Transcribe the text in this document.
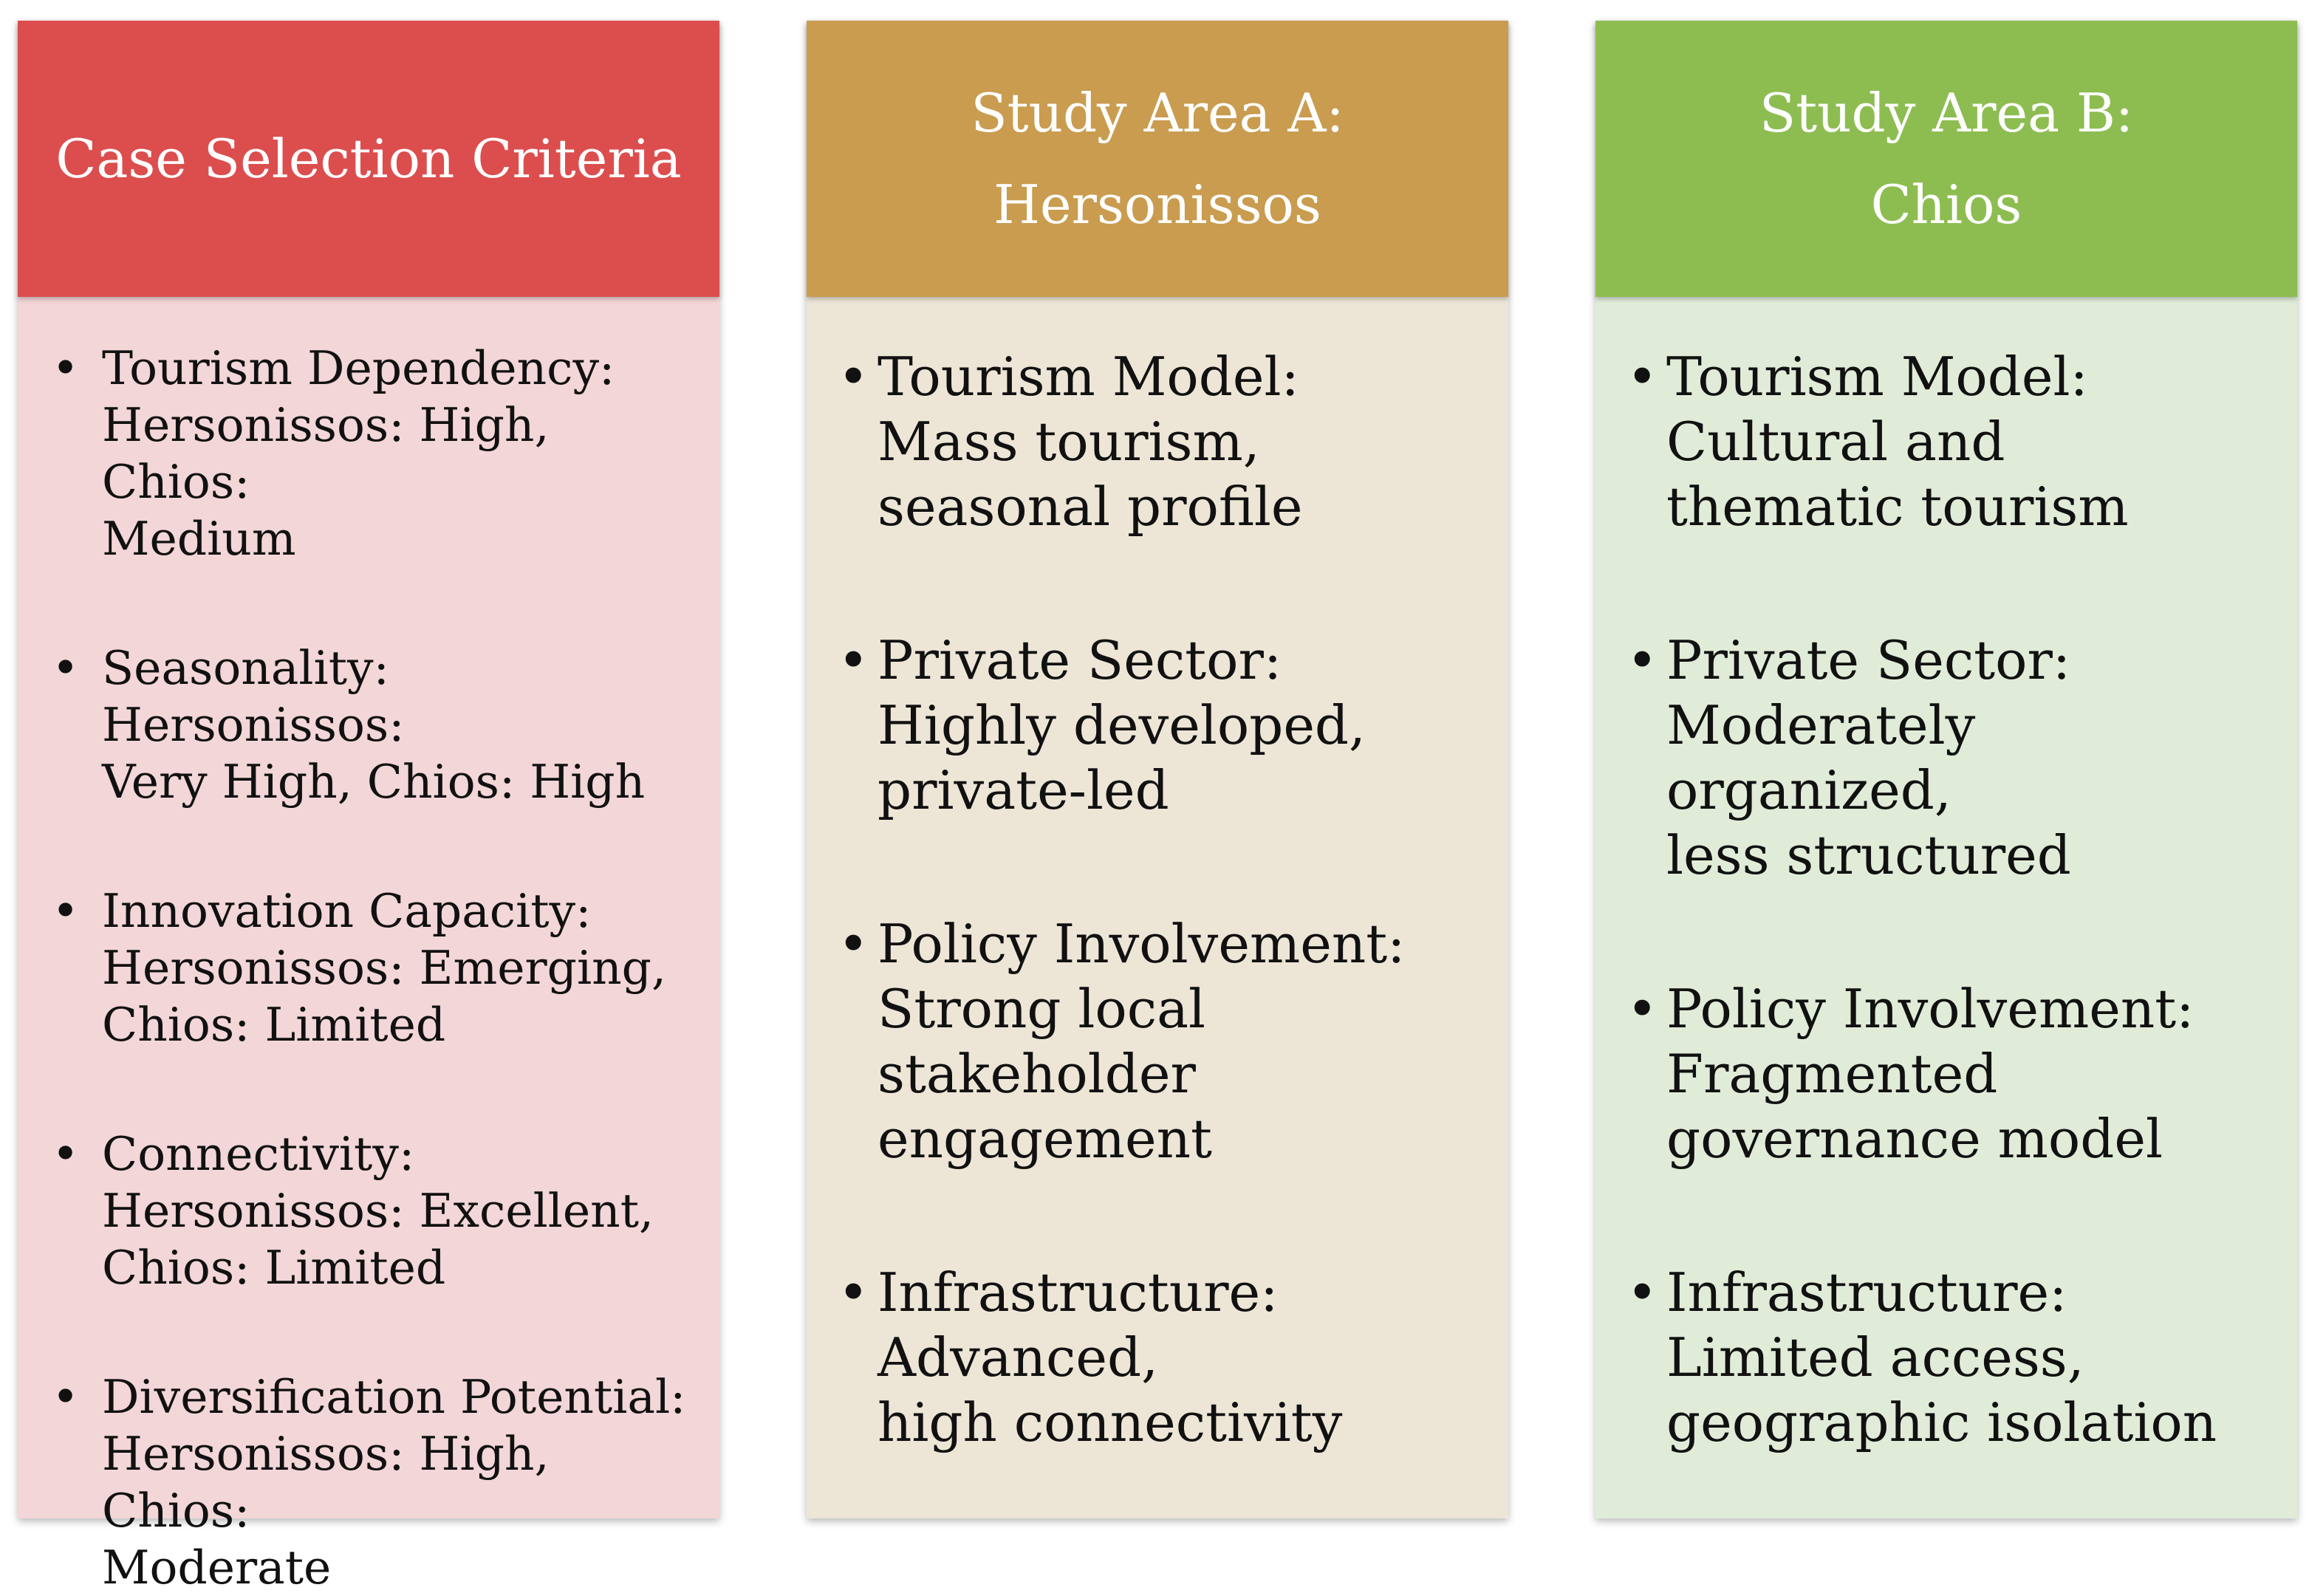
Case Selection Criteria
• Tourism Dependency:
Hersonissos: High, Chios:
Medium
• Seasonality: Hersonissos:
Very High, Chios: High
• Innovation Capacity:
Hersonissos: Emerging,
Chios: Limited
• Connectivity:
Hersonissos: Excellent,
Chios: Limited
• Diversification Potential:
Hersonissos: High, Chios:
Moderate
Study Area A:
Hersonissos
• Tourism Model:
Mass tourism,
seasonal profile
• Private Sector:
Highly developed,
private-led
• Policy Involvement:
Strong local
stakeholder
engagement
• Infrastructure:
Advanced,
high connectivity
Study Area B:
Chios
• Tourism Model:
Cultural and
thematic tourism
• Private Sector:
Moderately organized,
less structured
• Policy Involvement:
Fragmented
governance model
• Infrastructure:
Limited access,
geographic isolation
